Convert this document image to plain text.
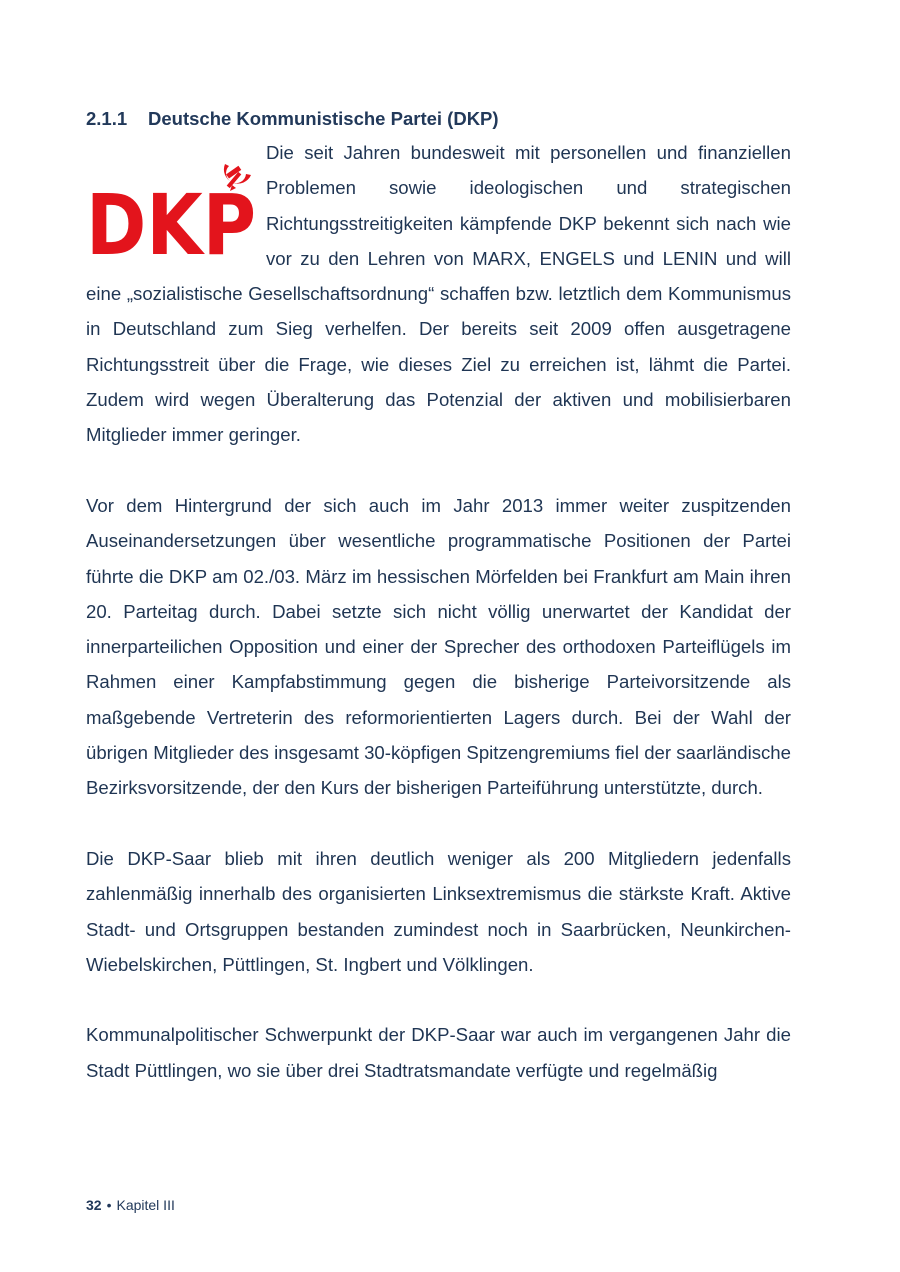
2.1.1 Deutsche Kommunistische Partei (DKP)
DKP

Die seit Jahren bundesweit mit personellen und finanziellen Problemen sowie ideologischen und strategischen Richtungsstreitigkeiten kämpfende DKP bekennt sich nach wie vor zu den Lehren von MARX, ENGELS und LENIN und will eine „sozialistische Gesellschaftsordnung“ schaffen bzw. letztlich dem Kommunismus in Deutschland zum Sieg verhelfen. Der bereits seit 2009 offen ausgetragene Richtungsstreit über die Frage, wie dieses Ziel zu erreichen ist, lähmt die Partei. Zudem wird wegen Überalterung das Potenzial der aktiven und mobilisierbaren Mitglieder immer geringer.

Vor dem Hintergrund der sich auch im Jahr 2013 immer weiter zuspitzenden Auseinandersetzungen über wesentliche programmatische Positionen der Partei führte die DKP am 02./03. März im hessischen Mörfelden bei Frankfurt am Main ihren 20. Parteitag durch. Dabei setzte sich nicht völlig unerwartet der Kandidat der innerparteilichen Opposition und einer der Sprecher des orthodoxen Parteiflügels im Rahmen einer Kampfabstimmung gegen die bisherige Parteivorsitzende als maßgebende Vertreterin des reformorientierten Lagers durch. Bei der Wahl der übrigen Mitglieder des insgesamt 30-köpfigen Spitzengremiums fiel der saarländische Bezirksvorsitzende, der den Kurs der bisherigen Parteiführung unterstützte, durch.

Die DKP-Saar blieb mit ihren deutlich weniger als 200 Mitgliedern jedenfalls zahlenmäßig innerhalb des organisierten Linksextremismus die stärkste Kraft. Aktive Stadt- und Ortsgruppen bestanden zumindest noch in Saarbrücken, Neunkirchen-Wiebelskirchen, Püttlingen, St. Ingbert und Völklingen.

Kommunalpolitischer Schwerpunkt der DKP-Saar war auch im vergangenen Jahr die Stadt Püttlingen, wo sie über drei Stadtratsmandate verfügte und regelmäßig

32 • Kapitel III
